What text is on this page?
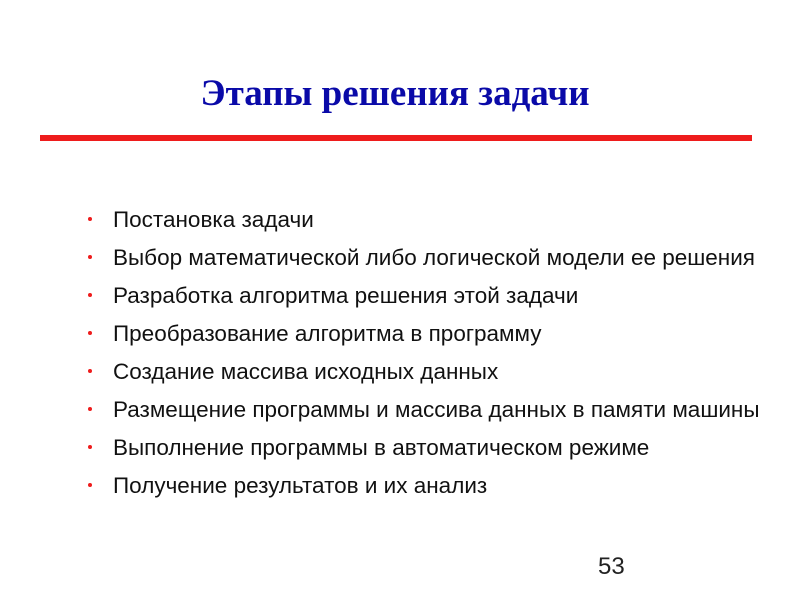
Этапы решения задачи
Постановка задачи
Выбор математической либо логической модели ее решения
Разработка алгоритма решения этой задачи
Преобразование алгоритма в программу
Создание массива исходных данных
Размещение программы и массива данных в памяти машины
Выполнение программы в автоматическом режиме
Получение результатов и их анализ
53
